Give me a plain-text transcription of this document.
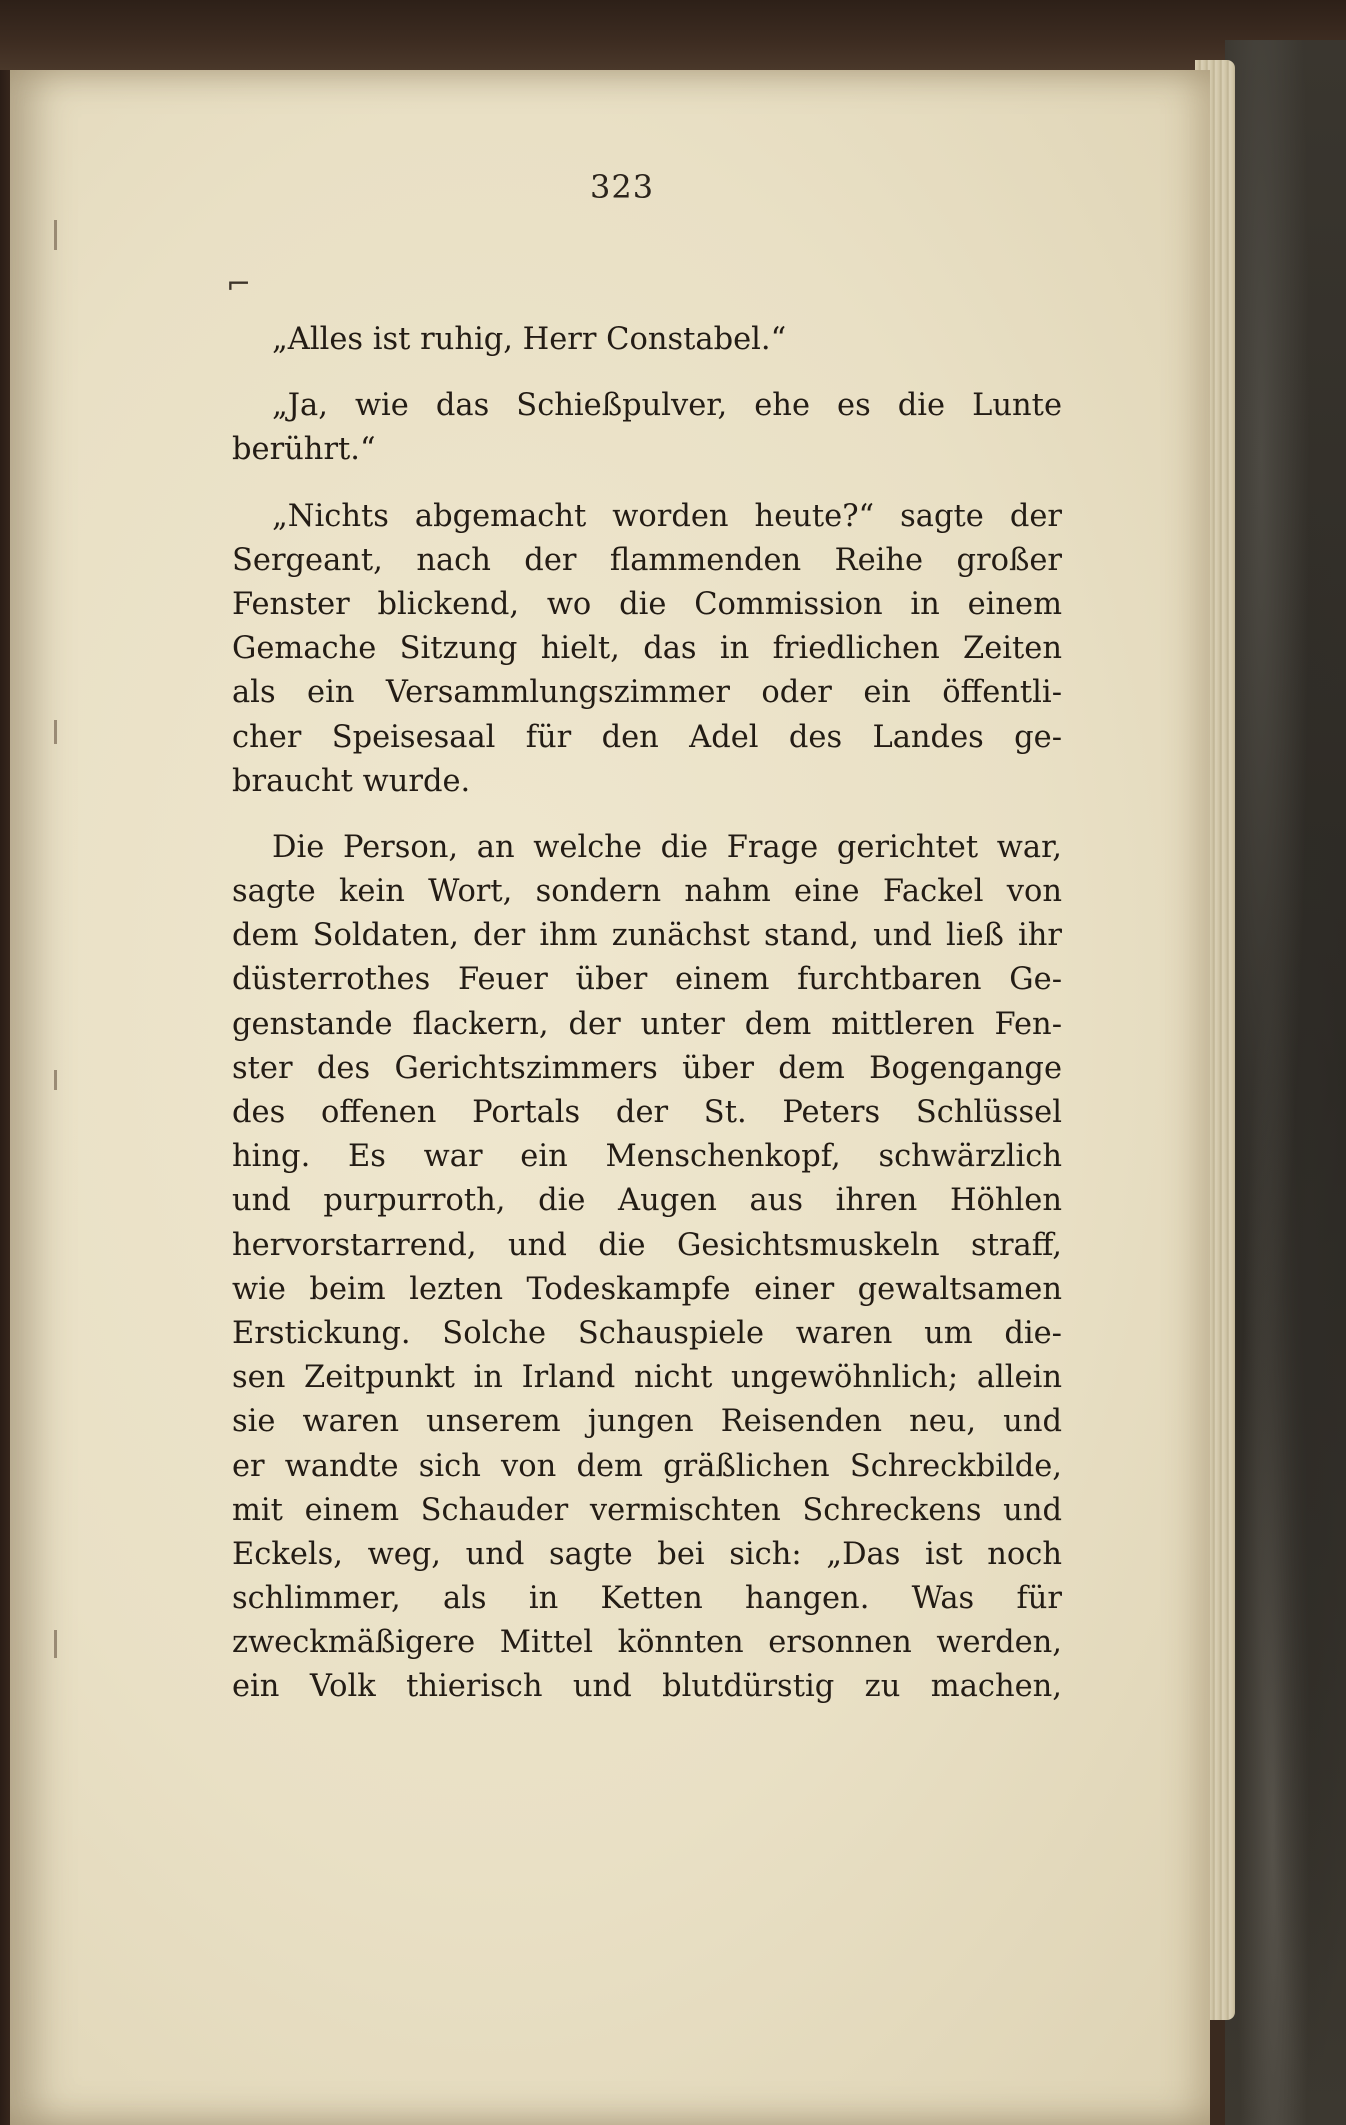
323
⌐
„Alles ist ruhig, Herr Constabel.“
„Ja, wie das Schießpulver, ehe es die Lunte
berührt.“
„Nichts abgemacht worden heute?“ sagte der
Sergeant, nach der flammenden Reihe großer
Fenster blickend, wo die Commission in einem
Gemache Sitzung hielt, das in friedlichen Zeiten
als ein Versammlungszimmer oder ein öffentli-
cher Speisesaal für den Adel des Landes ge-
braucht wurde.
Die Person, an welche die Frage gerichtet war,
sagte kein Wort, sondern nahm eine Fackel von
dem Soldaten, der ihm zunächst stand, und ließ ihr
düsterrothes Feuer über einem furchtbaren Ge-
genstande flackern, der unter dem mittleren Fen-
ster des Gerichtszimmers über dem Bogengange
des offenen Portals der St. Peters Schlüssel
hing. Es war ein Menschenkopf, schwärzlich
und purpurroth, die Augen aus ihren Höhlen
hervorstarrend, und die Gesichtsmuskeln straff,
wie beim lezten Todeskampfe einer gewaltsamen
Erstickung. Solche Schauspiele waren um die-
sen Zeitpunkt in Irland nicht ungewöhnlich; allein
sie waren unserem jungen Reisenden neu, und
er wandte sich von dem gräßlichen Schreckbilde,
mit einem Schauder vermischten Schreckens und
Eckels, weg, und sagte bei sich: „Das ist noch
schlimmer, als in Ketten hangen. Was für
zweckmäßigere Mittel könnten ersonnen werden,
ein Volk thierisch und blutdürstig zu machen,
